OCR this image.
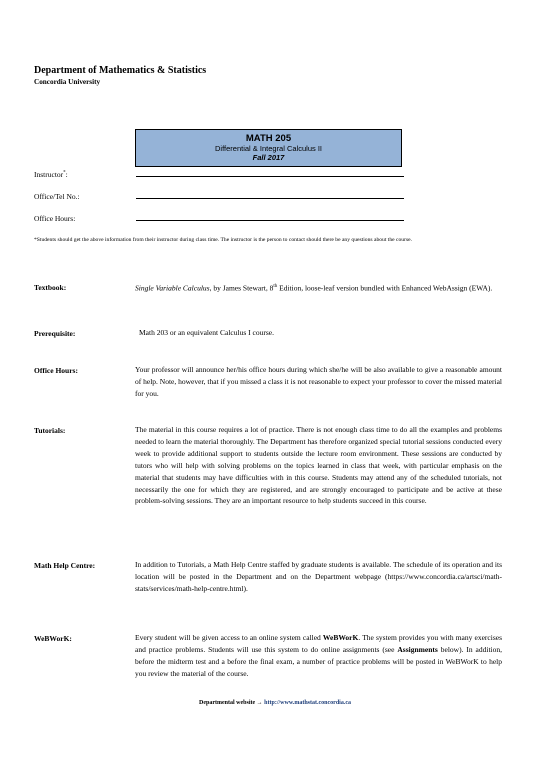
Department of Mathematics & Statistics
Concordia University
MATH 205
Differential & Integral Calculus II
Fall 2017
Instructor*:
Office/Tel No.:
Office Hours:
*Students should get the above information from their instructor during class time. The instructor is the person to contact should there be any questions about the course.
Textbook:	Single Variable Calculus, by James Stewart, 8th Edition, loose-leaf version bundled with Enhanced WebAssign (EWA).
Prerequisite:	Math 203 or an equivalent Calculus I course.
Office Hours:	Your professor will announce her/his office hours during which she/he will be also available to give a reasonable amount of help. Note, however, that if you missed a class it is not reasonable to expect your professor to cover the missed material for you.
Tutorials:	The material in this course requires a lot of practice. There is not enough class time to do all the examples and problems needed to learn the material thoroughly. The Department has therefore organized special tutorial sessions conducted every week to provide additional support to students outside the lecture room environment. These sessions are conducted by tutors who will help with solving problems on the topics learned in class that week, with particular emphasis on the material that students may have difficulties with in this course. Students may attend any of the scheduled tutorials, not necessarily the one for which they are registered, and are strongly encouraged to participate and be active at these problem-solving sessions. They are an important resource to help students succeed in this course.
Math Help Centre:	In addition to Tutorials, a Math Help Centre staffed by graduate students is available. The schedule of its operation and its location will be posted in the Department and on the Department webpage (https://www.concordia.ca/artsci/math-stats/services/math-help-centre.html).
WeBWorK:	Every student will be given access to an online system called WeBWorK. The system provides you with many exercises and practice problems. Students will use this system to do online assignments (see Assignments below). In addition, before the midterm test and a before the final exam, a number of practice problems will be posted in WeBWorK to help you review the material of the course.
Departmental website → http://www.mathstat.concordia.ca
